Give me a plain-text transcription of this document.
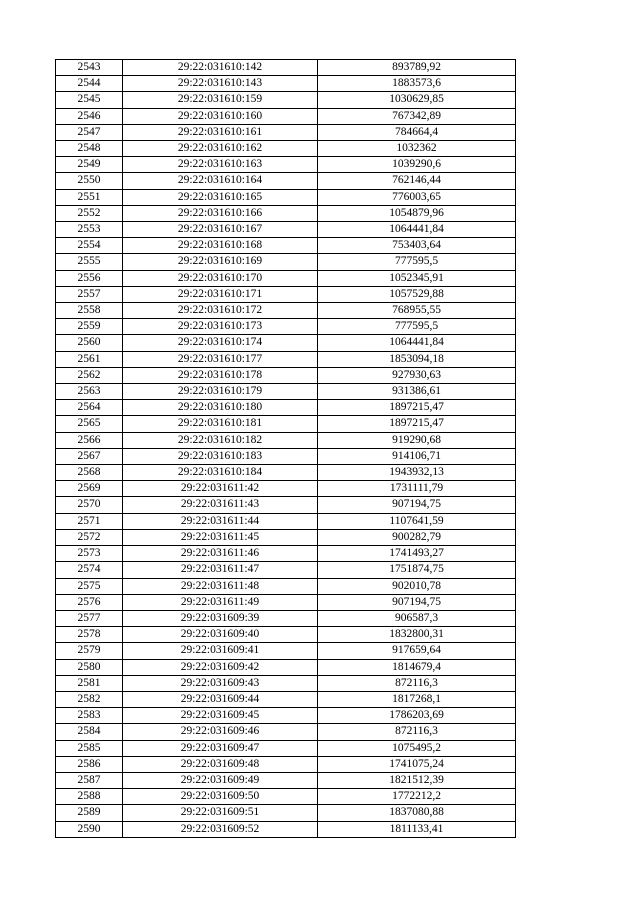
2543	29:22:031610:142	893789,92
2544	29:22:031610:143	1883573,6
2545	29:22:031610:159	1030629,85
2546	29:22:031610:160	767342,89
2547	29:22:031610:161	784664,4
2548	29:22:031610:162	1032362
2549	29:22:031610:163	1039290,6
2550	29:22:031610:164	762146,44
2551	29:22:031610:165	776003,65
2552	29:22:031610:166	1054879,96
2553	29:22:031610:167	1064441,84
2554	29:22:031610:168	753403,64
2555	29:22:031610:169	777595,5
2556	29:22:031610:170	1052345,91
2557	29:22:031610:171	1057529,88
2558	29:22:031610:172	768955,55
2559	29:22:031610:173	777595,5
2560	29:22:031610:174	1064441,84
2561	29:22:031610:177	1853094,18
2562	29:22:031610:178	927930,63
2563	29:22:031610:179	931386,61
2564	29:22:031610:180	1897215,47
2565	29:22:031610:181	1897215,47
2566	29:22:031610:182	919290,68
2567	29:22:031610:183	914106,71
2568	29:22:031610:184	1943932,13
2569	29:22:031611:42	1731111,79
2570	29:22:031611:43	907194,75
2571	29:22:031611:44	1107641,59
2572	29:22:031611:45	900282,79
2573	29:22:031611:46	1741493,27
2574	29:22:031611:47	1751874,75
2575	29:22:031611:48	902010,78
2576	29:22:031611:49	907194,75
2577	29:22:031609:39	906587,3
2578	29:22:031609:40	1832800,31
2579	29:22:031609:41	917659,64
2580	29:22:031609:42	1814679,4
2581	29:22:031609:43	872116,3
2582	29:22:031609:44	1817268,1
2583	29:22:031609:45	1786203,69
2584	29:22:031609:46	872116,3
2585	29:22:031609:47	1075495,2
2586	29:22:031609:48	1741075,24
2587	29:22:031609:49	1821512,39
2588	29:22:031609:50	1772212,2
2589	29:22:031609:51	1837080,88
2590	29:22:031609:52	1811133,41
